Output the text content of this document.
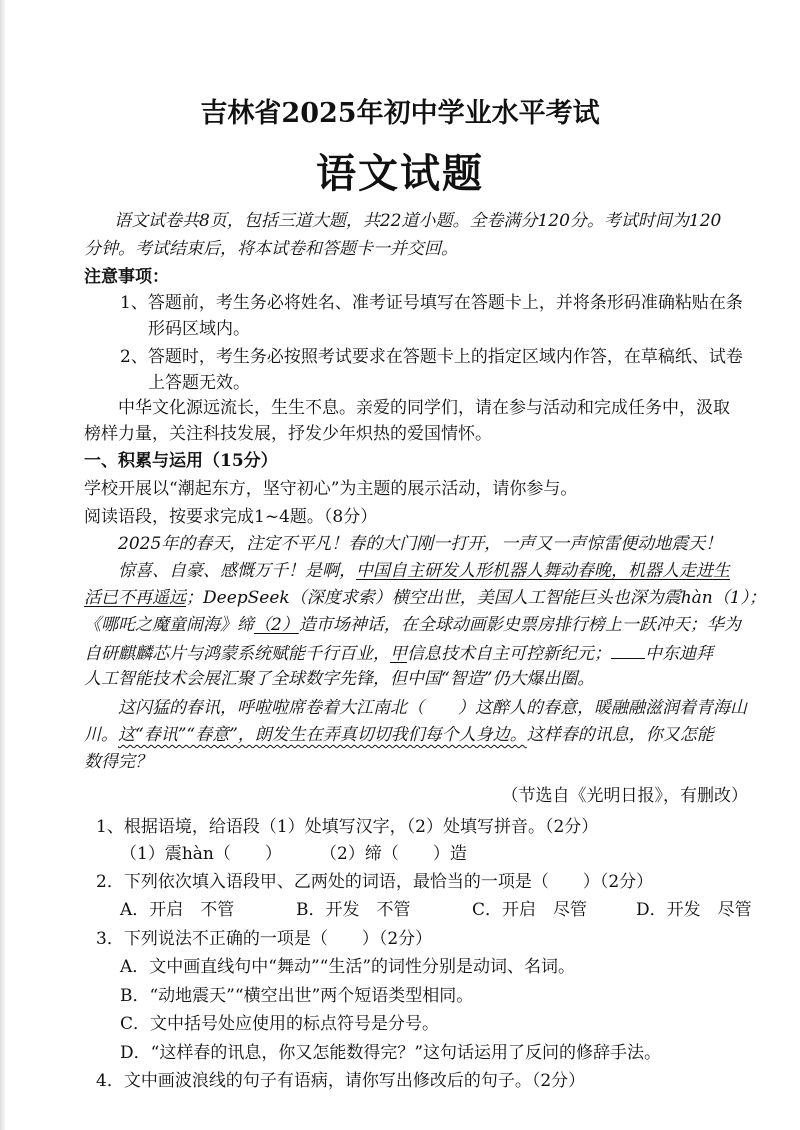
吉林省2025年初中学业水平考试
语文试题
语文试卷共8页，包括三道大题，共22道小题。全卷满分120分。考试时间为120
分钟。考试结束后，将本试卷和答题卡一并交回。
注意事项：
1、答题前，考生务必将姓名、准考证号填写在答题卡上，并将条形码准确粘贴在条
形码区域内。
2、答题时，考生务必按照考试要求在答题卡上的指定区域内作答，在草稿纸、试卷
上答题无效。
中华文化源远流长，生生不息。亲爱的同学们，请在参与活动和完成任务中，汲取
榜样力量，关注科技发展，抒发少年炽热的爱国情怀。
一、积累与运用（15分）
学校开展以“潮起东方，坚守初心”为主题的展示活动，请你参与。
阅读语段，按要求完成1~4题。（8分）
2025年的春天，注定不平凡！春的大门刚一打开，一声又一声惊雷便动地震天！
惊喜、自豪、感慨万千！是啊，中国自主研发人形机器人舞动春晚，机器人走进生
活已不再遥远；DeepSeek（深度求索）横空出世，美国人工智能巨头也深为震hàn（1）；
《哪吒之魔童闹海》缔（2）造市场神话，在全球动画影史票房排行榜上一跃冲天；华为
自研麒麟芯片与鸿蒙系统赋能千行百业，甲信息技术自主可控新纪元； 中东迪拜
人工智能技术会展汇聚了全球数字先锋，但中国“智造”仍大爆出圈。
这闪猛的春讯，呼啦啦席卷着大江南北（　　 ）这醉人的春意，暖融融滋润着青海山
川。这“春讯”“春意”，朗发生在弄真切切我们每个人身边。这样春的讯息，你又怎能
数得完？
（节选自《光明日报》，有删改）
1、根据语境，给语段（1）处填写汉字，（2）处填写拼音。（2分）
（1）震hàn（　　） （2）缔（　　）造
2．下列依次填入语段甲、乙两处的词语，最恰当的一项是（　　）（2分）
A．开启　不管	B．开发　不管	C．开启　尽管	D．开发　尽管
3．下列说法不正确的一项是（　　）（2分）
A．文中画直线句中“舞动”“生活”的词性分别是动词、名词。
B．“动地震天”“横空出世”两个短语类型相同。
C．文中括号处应使用的标点符号是分号。
D．“这样春的讯息，你又怎能数得完？”这句话运用了反问的修辞手法。
4．文中画波浪线的句子有语病，请你写出修改后的句子。（2分）
